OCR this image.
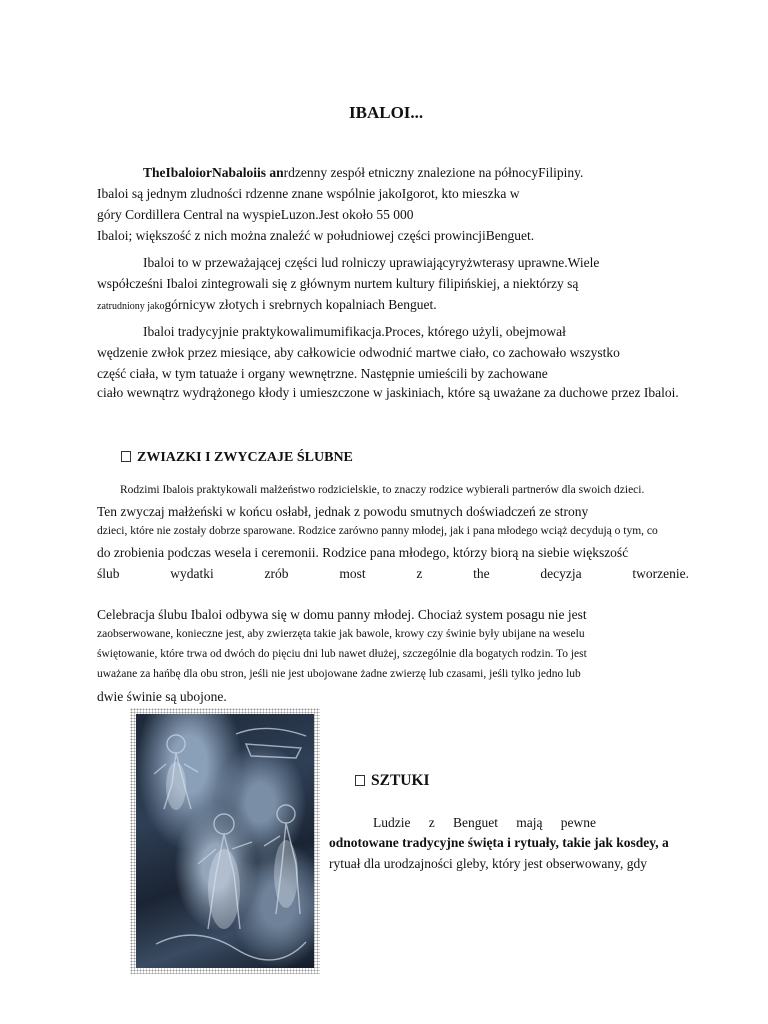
IBALOI...
TheIbaloiorNabaloiis anrdzenny zespół etniczny znalezione na północyFilipiny.
Ibaloi są jednym zludności rdzenne znane wspólnie jakoIgorot, kto mieszka w
góry Cordillera Central na wyspieLuzon.Jest około 55 000
Ibaloi; większość z nich można znaleźć w południowej części prowincjiBenguet.
Ibaloi to w przeważającej części lud rolniczy uprawiającyryżwterasy uprawne.Wiele
współcześni Ibaloi zintegrowali się z głównym nurtem kultury filipińskiej, a niektórzy są
zatrudniony jakogórnicyw złotych i srebrnych kopalniach Benguet.
Ibaloi tradycyjnie praktykowalimumifikacja.Proces, którego użyli, obejmował
wędzenie zwłok przez miesiące, aby całkowicie odwodnić martwe ciało, co zachowało wszystko
część ciała, w tym tatuaże i organy wewnętrzne. Następnie umieścili by zachowane
ciało wewnątrz wydrążonego kłody i umieszczone w jaskiniach, które są uważane za duchowe przez Ibaloi.
ZWIAZKI I ZWYCZAJE ŚLUBNE
Rodzimi Ibalois praktykowali małżeństwo rodzicielskie, to znaczy rodzice wybierali partnerów dla swoich dzieci.
Ten zwyczaj małżeński w końcu osłabł, jednak z powodu smutnych doświadczeń ze strony
dzieci, które nie zostały dobrze sparowane. Rodzice zarówno panny młodej, jak i pana młodego wciąż decydują o tym, co
do zrobienia podczas wesela i ceremonii. Rodzice pana młodego, którzy biorą na siebie większość
ślub	wydatki	zrób	most	z	the	decyzja	tworzenie.
Celebracja ślubu Ibaloi odbywa się w domu panny młodej. Chociaż system posagu nie jest
zaobserwowane, konieczne jest, aby zwierzęta takie jak bawole, krowy czy świnie były ubijane na weselu
świętowanie, które trwa od dwóch do pięciu dni lub nawet dłużej, szczególnie dla bogatych rodzin. To jest
uważane za hańbę dla obu stron, jeśli nie jest ubojowane żadne zwierzę lub czasami, jeśli tylko jedno lub
dwie świnie są ubojone.
SZTUKI
Ludzie z Benguet mają pewne
odnotowane tradycyjne święta i rytuały, takie jak kosdey, a
rytuał dla urodzajności gleby, który jest obserwowany, gdy
